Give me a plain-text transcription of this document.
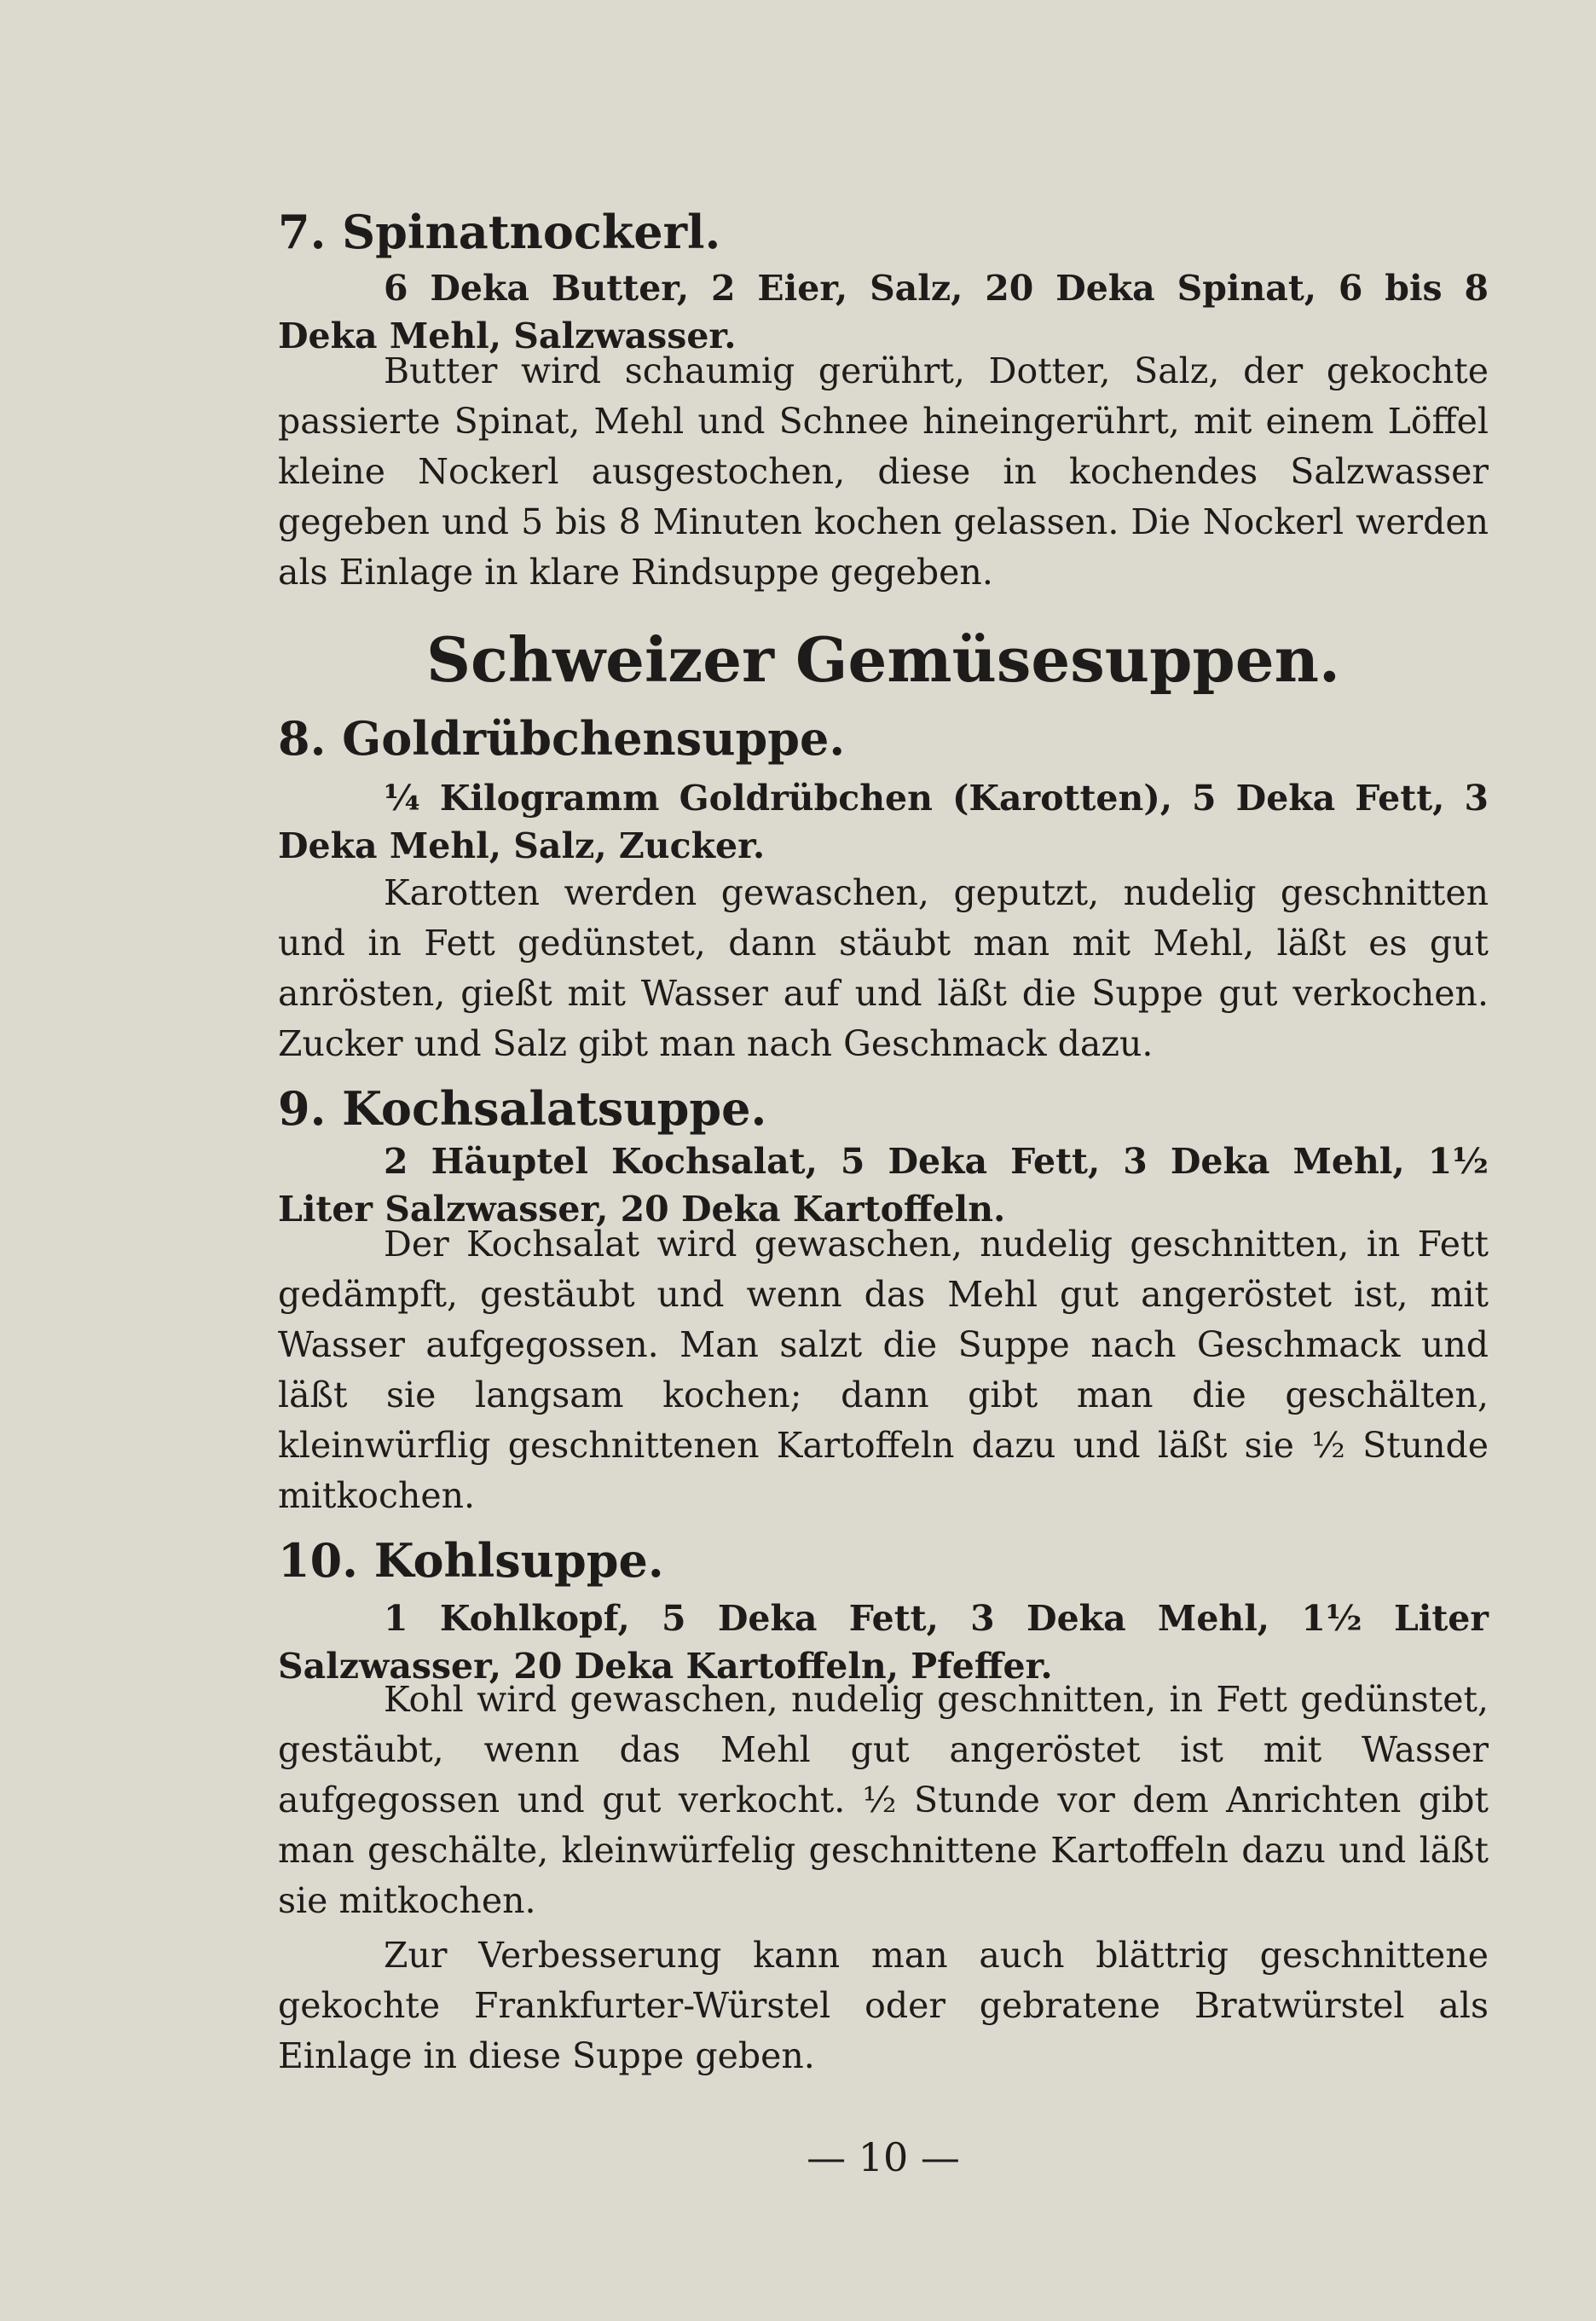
7. Spinatnockerl.

6 Deka Butter, 2 Eier, Salz, 20 Deka Spinat, 6 bis 8 Deka Mehl, Salzwasser.

Butter wird schaumig gerührt, Dotter, Salz, der gekochte passierte Spinat, Mehl und Schnee hineingerührt, mit einem Löffel kleine Nockerl ausgestochen, diese in kochendes Salzwasser gegeben und 5 bis 8 Minuten kochen gelassen. Die Nockerl werden als Einlage in klare Rindsuppe gegeben.

Schweizer Gemüsesuppen.
8. Goldrübchensuppe.

¼ Kilogramm Goldrübchen (Karotten), 5 Deka Fett, 3 Deka Mehl, Salz, Zucker.

Karotten werden gewaschen, geputzt, nudelig geschnitten und in Fett gedünstet, dann stäubt man mit Mehl, läßt es gut anrösten, gießt mit Wasser auf und läßt die Suppe gut verkochen. Zucker und Salz gibt man nach Geschmack dazu.

9. Kochsalatsuppe.

2 Häuptel Kochsalat, 5 Deka Fett, 3 Deka Mehl, 1½ Liter Salzwasser, 20 Deka Kartoffeln.

Der Kochsalat wird gewaschen, nudelig geschnitten, in Fett gedämpft, gestäubt und wenn das Mehl gut angeröstet ist, mit Wasser aufgegossen. Man salzt die Suppe nach Geschmack und läßt sie langsam kochen; dann gibt man die geschälten, kleinwürflig geschnittenen Kartoffeln dazu und läßt sie ½ Stunde mitkochen.

10. Kohlsuppe.

1 Kohlkopf, 5 Deka Fett, 3 Deka Mehl, 1½ Liter Salzwasser, 20 Deka Kartoffeln, Pfeffer.

Kohl wird gewaschen, nudelig geschnitten, in Fett gedünstet, gestäubt, wenn das Mehl gut angeröstet ist mit Wasser aufgegossen und gut verkocht. ½ Stunde vor dem Anrichten gibt man geschälte, kleinwürfelig geschnittene Kartoffeln dazu und läßt sie mitkochen.

Zur Verbesserung kann man auch blättrig geschnittene gekochte Frankfurter-Würstel oder gebratene Bratwürstel als Einlage in diese Suppe geben.

— 10 —
